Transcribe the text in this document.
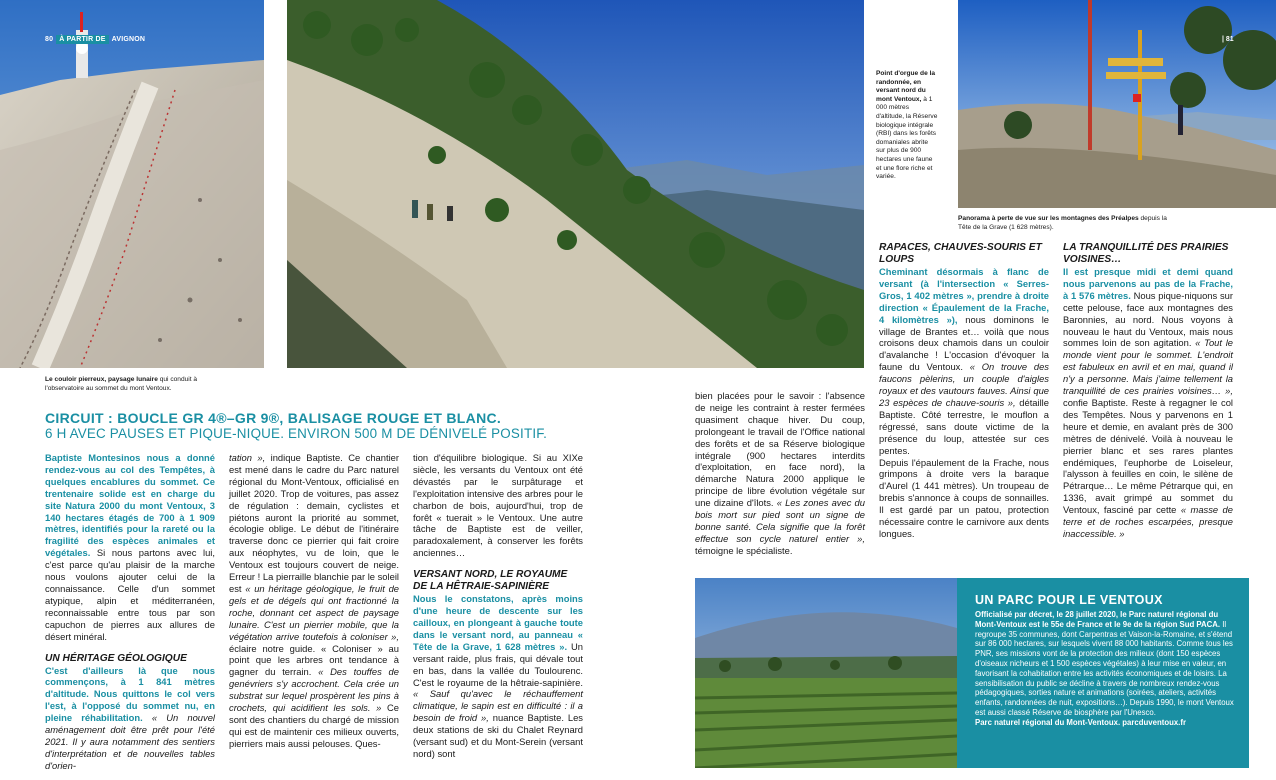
80 À PARTIR DE AVIGNON	| 81
Le couloir pierreux, paysage lunaire qui conduit à l'observatoire au sommet du mont Ventoux.
Panorama à perte de vue sur les montagnes des Préalpes depuis la Tête de la Grave (1 628 mètres).
Point d'orgue de la randonnée, en versant nord du mont Ventoux, à 1 000 mètres d'altitude, la Réserve biologique intégrale (RBI) dans les forêts domaniales abrite sur plus de 900 hectares une faune et une flore riche et variée.
CIRCUIT : BOUCLE GR 4®–GR 9®, BALISAGE ROUGE ET BLANC.
6 H AVEC PAUSES ET PIQUE-NIQUE. ENVIRON 500 M DE DÉNIVELÉ POSITIF.

Baptiste Montesinos nous a donné rendez-vous au col des Tempêtes, à quelques encablures du sommet. Ce trentenaire solide est en charge du site Natura 2000 du mont Ventoux, 3 140 hectares étagés de 700 à 1 909 mètres, identifiés pour la rareté ou la fragilité des espèces animales et végétales. Si nous partons avec lui, c'est parce qu'au plaisir de la marche nous voulons ajouter celui de la connaissance. Celle d'un sommet atypique, alpin et méditerranéen, reconnaissable entre tous par son capuchon de pierres aux allures de désert minéral.

UN HÉRITAGE GÉOLOGIQUE

C'est d'ailleurs là que nous commençons, à 1 841 mètres d'altitude. Nous quittons le col vers l'est, à l'opposé du sommet nu, en pleine réhabilitation. « Un nouvel aménagement doit être prêt pour l'été 2021. Il y aura notamment des sentiers d'interprétation et de nouvelles tables d'orien-

tation », indique Baptiste. Ce chantier est mené dans le cadre du Parc naturel régional du Mont-Ventoux, officialisé en juillet 2020. Trop de voitures, pas assez de régulation : demain, cyclistes et piétons auront la priorité au sommet, écologie oblige. Le début de l'itinéraire traverse donc ce pierrier qui fait croire aux néophytes, vu de loin, que le Ventoux est toujours couvert de neige. Erreur ! La pierraille blanchie par le soleil est « un héritage géologique, le fruit de gels et de dégels qui ont fractionné la roche, donnant cet aspect de paysage lunaire. C'est un pierrier mobile, que la végétation arrive toutefois à coloniser », éclaire notre guide. « Coloniser » au point que les arbres ont tendance à gagner du terrain. « Des touffes de genévriers s'y accrochent. Cela crée un substrat sur lequel prospèrent les pins à crochets, qui acidifient les sols. » Ce sont des chantiers du chargé de mission qui est de maintenir ces milieux ouverts, pierriers mais aussi pelouses. Ques-

tion d'équilibre biologique. Si au XIXe siècle, les versants du Ventoux ont été dévastés par le surpâturage et l'exploitation intensive des arbres pour le charbon de bois, aujourd'hui, trop de forêt « tuerait » le Ventoux. Une autre tâche de Baptiste est de veiller, paradoxalement, à conserver les forêts anciennes…

VERSANT NORD, LE ROYAUME DE LA HÊTRAIE-SAPINIÈRE

Nous le constatons, après moins d'une heure de descente sur les cailloux, en plongeant à gauche toute dans le versant nord, au panneau « Tête de la Grave, 1 628 mètres ». Un versant raide, plus frais, qui dévale tout en bas, dans la vallée du Toulourenc. C'est le royaume de la hêtraie-sapinière. « Sauf qu'avec le réchauffement climatique, le sapin est en difficulté : il a besoin de froid », nuance Baptiste. Les deux stations de ski du Chalet Reynard (versant sud) et du Mont-Serein (versant nord) sont

bien placées pour le savoir : l'absence de neige les contraint à rester fermées quasiment chaque hiver. Du coup, prolongeant le travail de l'Office national des forêts et de sa Réserve biologique intégrale (900 hectares interdits d'exploitation, en face nord), la démarche Natura 2000 applique le principe de libre évolution végétale sur une dizaine d'îlots. « Les zones avec du bois mort sur pied sont un signe de bonne santé. Cela signifie que la forêt effectue son cycle naturel entier », témoigne le spécialiste.

RAPACES, CHAUVES-SOURIS ET LOUPS

Cheminant désormais à flanc de versant (à l'intersection « Serres-Gros, 1 402 mètres », prendre à droite direction « Épaulement de la Frache, 4 kilomètres »), nous dominons le village de Brantes et… voilà que nous croisons deux chamois dans un couloir d'avalanche ! L'occasion d'évoquer la faune du Ventoux. « On trouve des faucons pèlerins, un couple d'aigles royaux et des vautours fauves. Ainsi que 23 espèces de chauve-souris », détaille Baptiste. Côté terrestre, le mouflon a régressé, sans doute victime de la présence du loup, attestée sur ces pentes.

Depuis l'épaulement de la Frache, nous grimpons à droite vers la baraque d'Aurel (1 441 mètres). Un troupeau de brebis s'annonce à coups de sonnailles. Il est gardé par un patou, protection nécessaire contre le carnivore aux dents longues.

LA TRANQUILLITÉ DES PRAIRIES VOISINES…

Il est presque midi et demi quand nous parvenons au pas de la Frache, à 1 576 mètres. Nous pique-niquons sur cette pelouse, face aux montagnes des Baronnies, au nord. Nous voyons à nouveau le haut du Ventoux, mais nous sommes loin de son agitation. « Tout le monde vient pour le sommet. L'endroit est fabuleux en avril et en mai, quand il n'y a personne. Mais j'aime tellement la tranquillité de ces prairies voisines… », confie Baptiste. Reste à regagner le col des Tempêtes. Nous y parvenons en 1 heure et demie, en avalant près de 300 mètres de dénivelé. Voilà à nouveau le pierrier blanc et ses rares plantes endémiques, l'euphorbe de Loiseleur, l'alysson à feuilles en coin, le silène de Pétrarque… Le même Pétrarque qui, en 1336, avait grimpé au sommet du Ventoux, fasciné par cette « masse de terre et de roches escarpées, presque inaccessible. »

UN PARC POUR LE VENTOUX
Officialisé par décret, le 28 juillet 2020, le Parc naturel régional du Mont-Ventoux est le 55e de France et le 9e de la région Sud PACA. Il regroupe 35 communes, dont Carpentras et Vaison-la-Romaine, et s'étend sur 86 000 hectares, sur lesquels vivent 88 000 habitants. Comme tous les PNR, ses missions vont de la protection des milieux (dont 150 espèces d'oiseaux nicheurs et 1 500 espèces végétales) à leur mise en valeur, en favorisant la cohabitation entre les activités économiques et de loisirs. La sensibilisation du public se décline à travers de nombreux rendez-vous pédagogiques, sorties nature et animations (soirées, ateliers, activités enfants, randonnées de nuit, expositions…). Depuis 1990, le mont Ventoux est aussi classé Réserve de biosphère par l'Unesco.
Parc naturel régional du Mont-Ventoux. parcduventoux.fr
